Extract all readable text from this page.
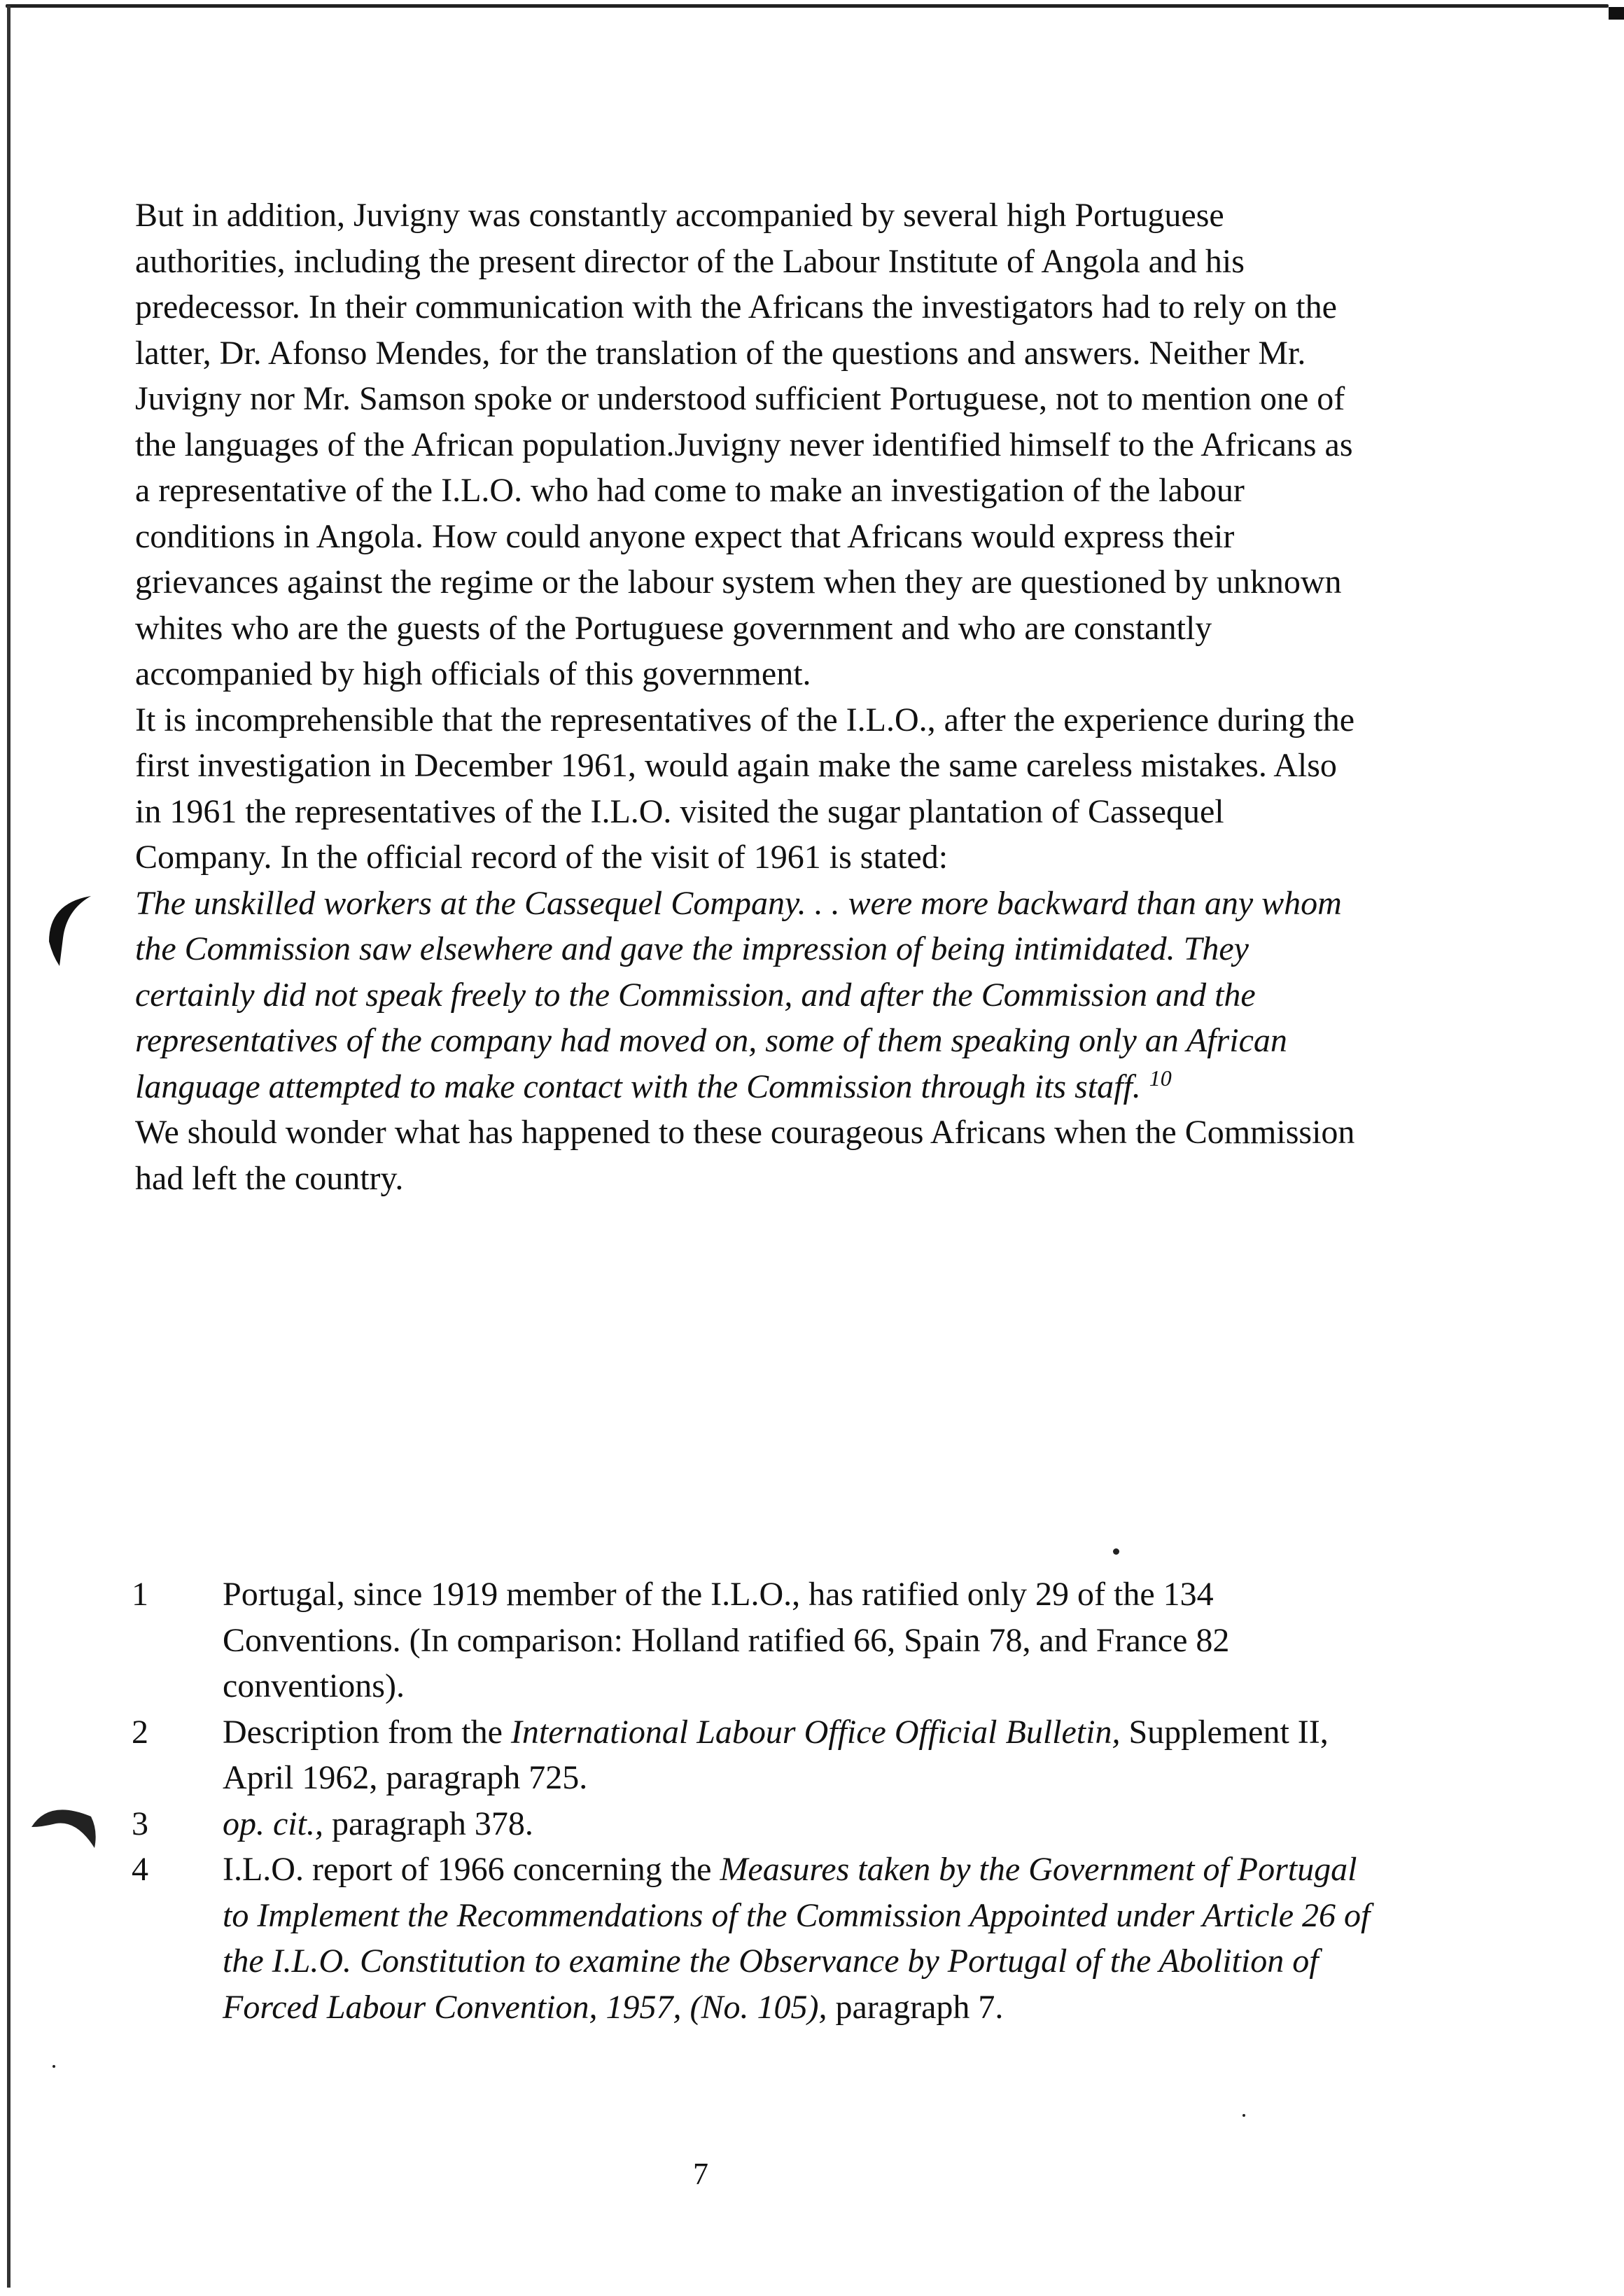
But in addition, Juvigny was constantly accompanied by several high Portuguese authorities, including the present director of the Labour Institute of Angola and his predecessor. In their communication with the Africans the investigators had to rely on the latter, Dr. Afonso Mendes, for the translation of the questions and answers. Neither Mr. Juvigny nor Mr. Samson spoke or understood sufficient Portuguese, not to mention one of the languages of the African population.Juvigny never identified himself to the Africans as a representative of the I.L.O. who had come to make an investigation of the labour conditions in Angola. How could anyone expect that Africans would express their grievances against the regime or the labour system when they are questioned by unknown whites who are the guests of the Portuguese government and who are constantly accompanied by high officials of this government.

It is incomprehensible that the representatives of the I.L.O., after the experience during the first investigation in December 1961, would again make the same careless mistakes. Also in 1961 the representatives of the I.L.O. visited the sugar plantation of Cassequel Company. In the official record of the visit of 1961 is stated:

The unskilled workers at the Cassequel Company. . . were more backward than any whom the Commission saw elsewhere and gave the impression of being intimidated. They certainly did not speak freely to the Commission, and after the Commission and the representatives of the company had moved on, some of them speaking only an African language attempted to make contact with the Commission through its staff. $^{10}$

We should wonder what has happened to these courageous Africans when the Commission had left the country.

1	Portugal, since 1919 member of the I.L.O., has ratified only 29 of the 134 Conventions. (In comparison: Holland ratified 66, Spain 78, and France 82 conventions).
2	Description from the International Labour Office Official Bulletin, Supplement II, April 1962, paragraph 725.
3	op. cit., paragraph 378.
4	I.L.O. report of 1966 concerning the Measures taken by the Government of Portugal to Implement the Recommendations of the Commission Appointed under Article 26 of the I.L.O. Constitution to examine the Observance by Portugal of the Abolition of Forced Labour Convention, 1957, (No. 105), paragraph 7.
7
